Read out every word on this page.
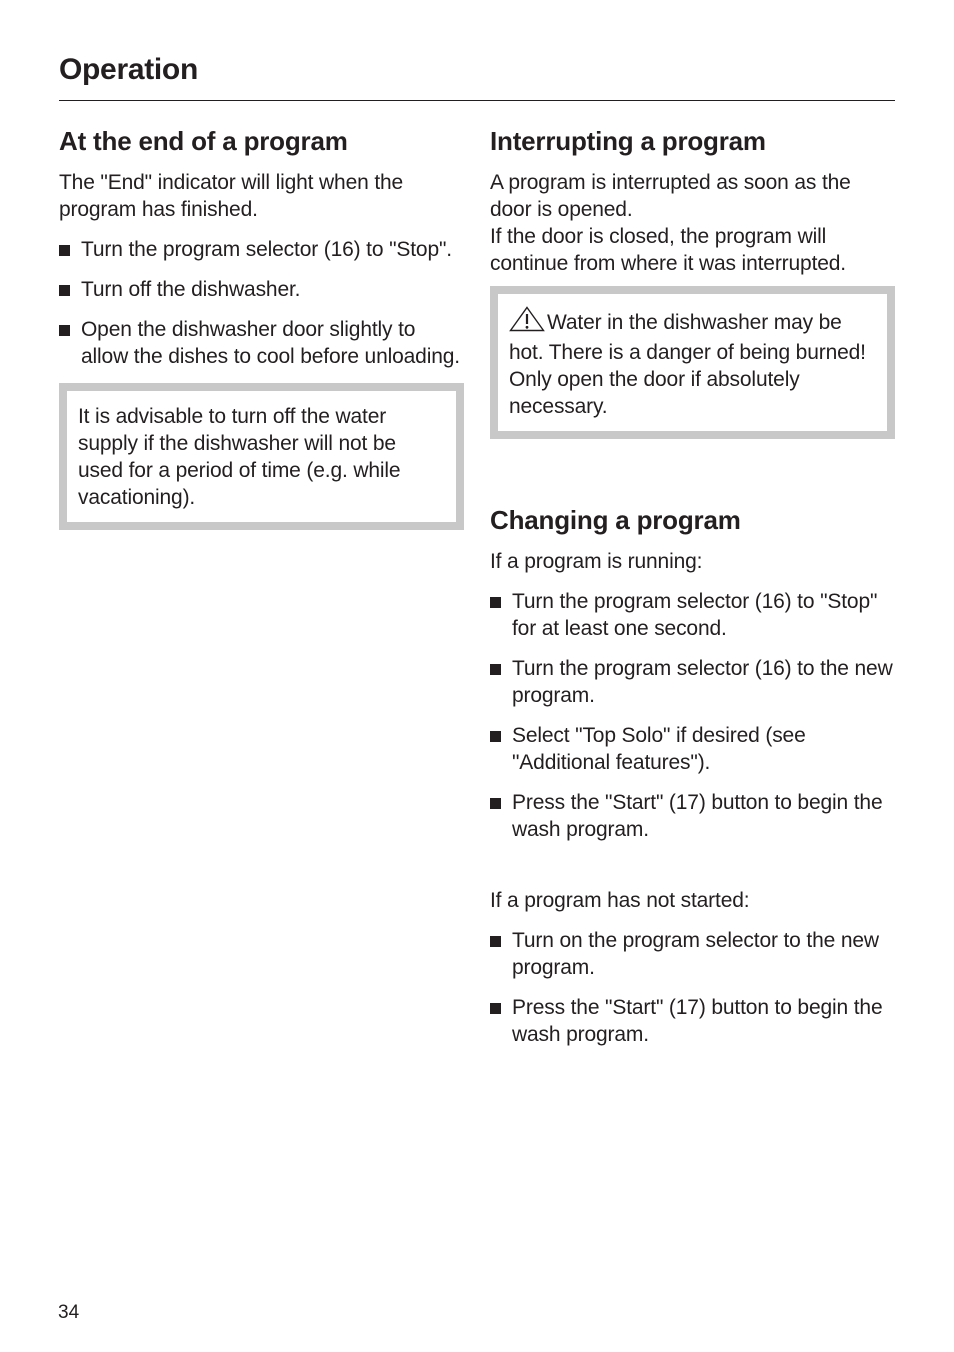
Operation
At the end of a program

The "End" indicator will light when the program has finished.

Turn the program selector (16) to "Stop".
Turn off the dishwasher.
Open the dishwasher door slightly to allow the dishes to cool before unloading.

It is advisable to turn off the water supply if the dishwasher will not be used for a period of time (e.g. while vacationing).

Interrupting a program

A program is interrupted as soon as the door is opened.
If the door is closed, the program will continue from where it was interrupted.

Water in the dishwasher may be hot. There is a danger of being burned! Only open the door if absolutely necessary.

Changing a program

If a program is running:

Turn the program selector (16) to "Stop" for at least one second.
Turn the program selector (16) to the new program.
Select "Top Solo" if desired (see "Additional features").
Press the "Start" (17) button to begin the wash program.

If a program has not started:

Turn on the program selector to the new program.
Press the "Start" (17) button to begin the wash program.
34
